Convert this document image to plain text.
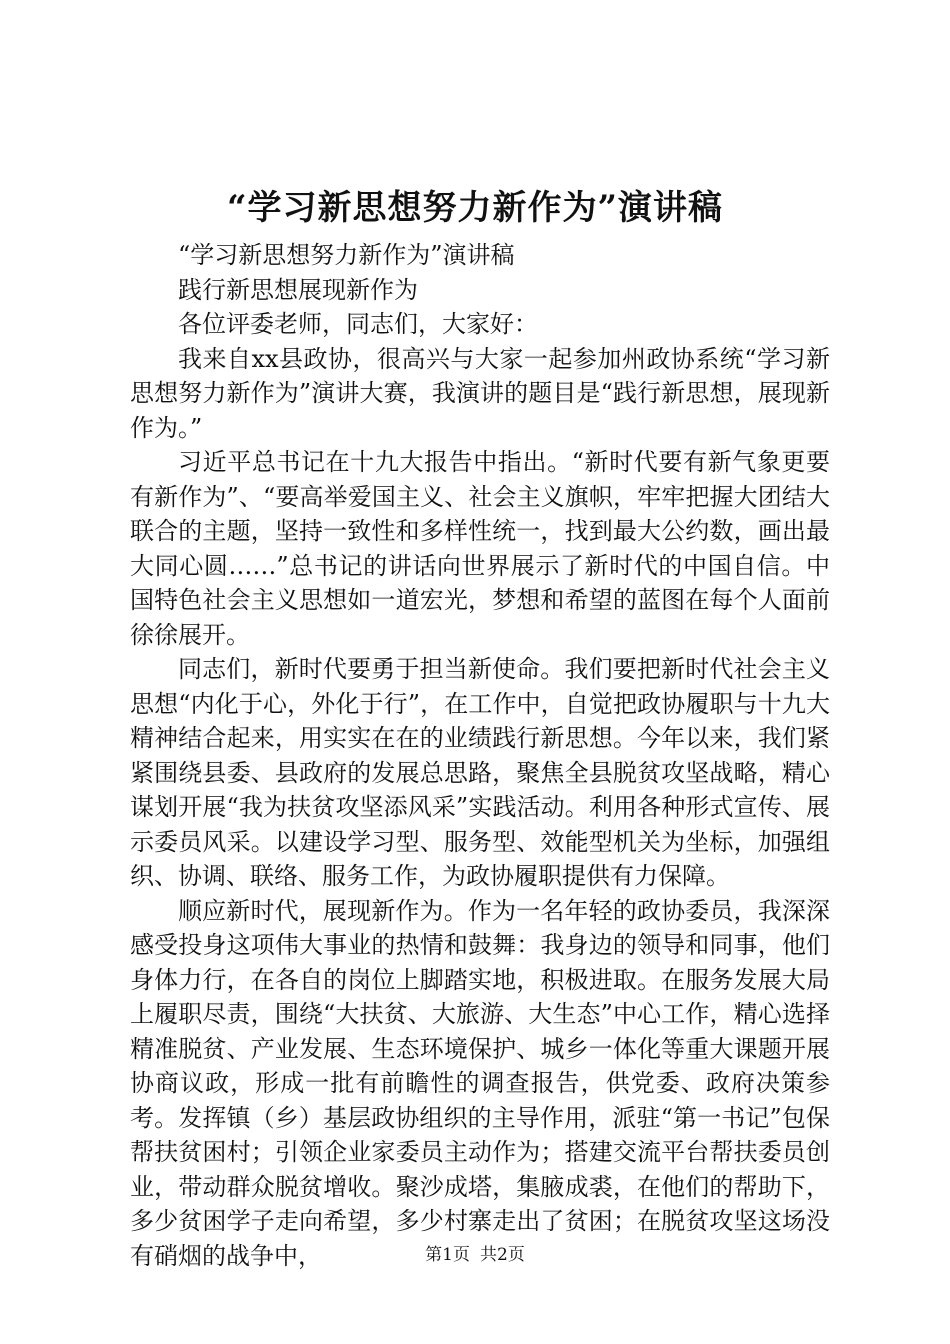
“学习新思想努力新作为”演讲稿

“学习新思想努力新作为”演讲稿

践行新思想展现新作为

各位评委老师，同志们，大家好：

我来自xx县政协，很高兴与大家一起参加州政协系统“学习新思想努力新作为”演讲大赛，我演讲的题目是“践行新思想，展现新作为。”

习近平总书记在十九大报告中指出。“新时代要有新气象更要有新作为”、“要高举爱国主义、社会主义旗帜，牢牢把握大团结大联合的主题，坚持一致性和多样性统一，找到最大公约数，画出最大同心圆……”总书记的讲话向世界展示了新时代的中国自信。中国特色社会主义思想如一道宏光，梦想和希望的蓝图在每个人面前徐徐展开。

同志们，新时代要勇于担当新使命。我们要把新时代社会主义思想“内化于心，外化于行”，在工作中，自觉把政协履职与十九大精神结合起来，用实实在在的业绩践行新思想。今年以来，我们紧紧围绕县委、县政府的发展总思路，聚焦全县脱贫攻坚战略，精心谋划开展“我为扶贫攻坚添风采”实践活动。利用各种形式宣传、展示委员风采。以建设学习型、服务型、效能型机关为坐标，加强组织、协调、联络、服务工作，为政协履职提供有力保障。

顺应新时代，展现新作为。作为一名年轻的政协委员，我深深感受投身这项伟大事业的热情和鼓舞：我身边的领导和同事，他们身体力行，在各自的岗位上脚踏实地，积极进取。在服务发展大局上履职尽责，围绕“大扶贫、大旅游、大生态”中心工作，精心选择精准脱贫、产业发展、生态环境保护、城乡一体化等重大课题开展协商议政，形成一批有前瞻性的调查报告，供党委、政府决策参考。发挥镇（乡）基层政协组织的主导作用，派驻“第一书记”包保帮扶贫困村；引领企业家委员主动作为；搭建交流平台帮扶委员创业，带动群众脱贫增收。聚沙成塔，集腋成裘，在他们的帮助下，多少贫困学子走向希望，多少村寨走出了贫困；在脱贫攻坚这场没有硝烟的战争中，	第1页 共2页
